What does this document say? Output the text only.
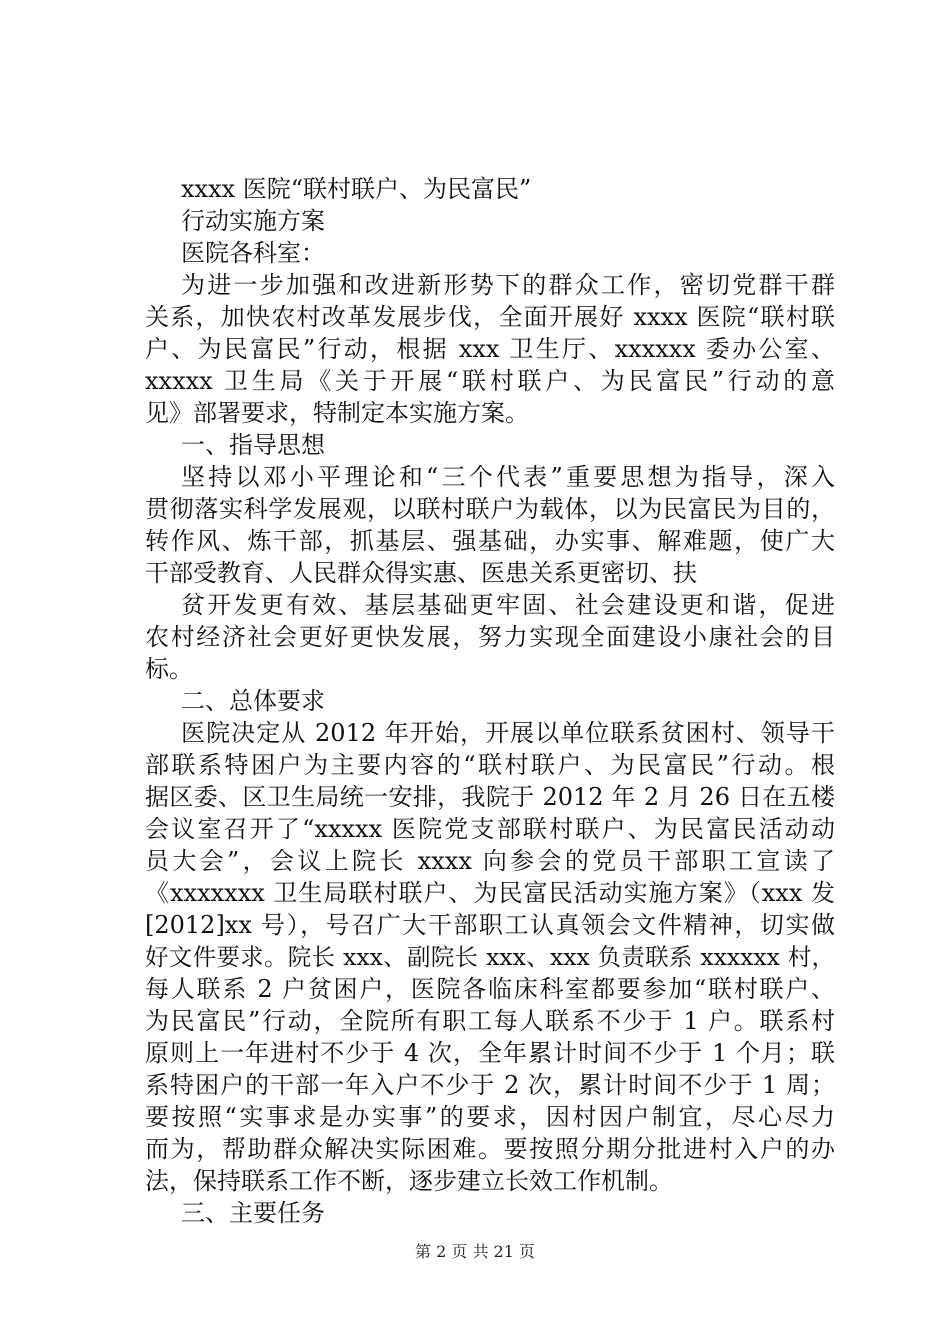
xxxx 医院“联村联户、为民富民”
行动实施方案
医院各科室：
为进一步加强和改进新形势下的群众工作，密切党群干群
关系，加快农村改革发展步伐，全面开展好 xxxx 医院“联村联
户、为民富民”行动，根据 xxx 卫生厅、xxxxxx 委办公室、
xxxxx 卫生局《关于开展“联村联户、为民富民”行动的意
见》部署要求，特制定本实施方案。
一、指导思想
坚持以邓小平理论和“三个代表”重要思想为指导，深入
贯彻落实科学发展观，以联村联户为载体，以为民富民为目的，
转作风、炼干部，抓基层、强基础，办实事、解难题，使广大
干部受教育、人民群众得实惠、医患关系更密切、扶
贫开发更有效、基层基础更牢固、社会建设更和谐，促进
农村经济社会更好更快发展，努力实现全面建设小康社会的目
标。
二、总体要求
医院决定从 2012 年开始，开展以单位联系贫困村、领导干
部联系特困户为主要内容的“联村联户、为民富民”行动。根
据区委、区卫生局统一安排，我院于 2012 年 2 月 26 日在五楼
会议室召开了“xxxxx 医院党支部联村联户、为民富民活动动
员大会”，会议上院长 xxxx 向参会的党员干部职工宣读了
《xxxxxxx 卫生局联村联户、为民富民活动实施方案》（xxx 发
[2012]xx 号），号召广大干部职工认真领会文件精神，切实做
好文件要求。院长 xxx、副院长 xxx、xxx 负责联系 xxxxxx 村，
每人联系 2 户贫困户，医院各临床科室都要参加“联村联户、
为民富民”行动，全院所有职工每人联系不少于 1 户。联系村
原则上一年进村不少于 4 次，全年累计时间不少于 1 个月；联
系特困户的干部一年入户不少于 2 次，累计时间不少于 1 周；
要按照“实事求是办实事”的要求，因村因户制宜，尽心尽力
而为，帮助群众解决实际困难。要按照分期分批进村入户的办
法，保持联系工作不断，逐步建立长效工作机制。
三、主要任务
第 2 页 共 21 页
